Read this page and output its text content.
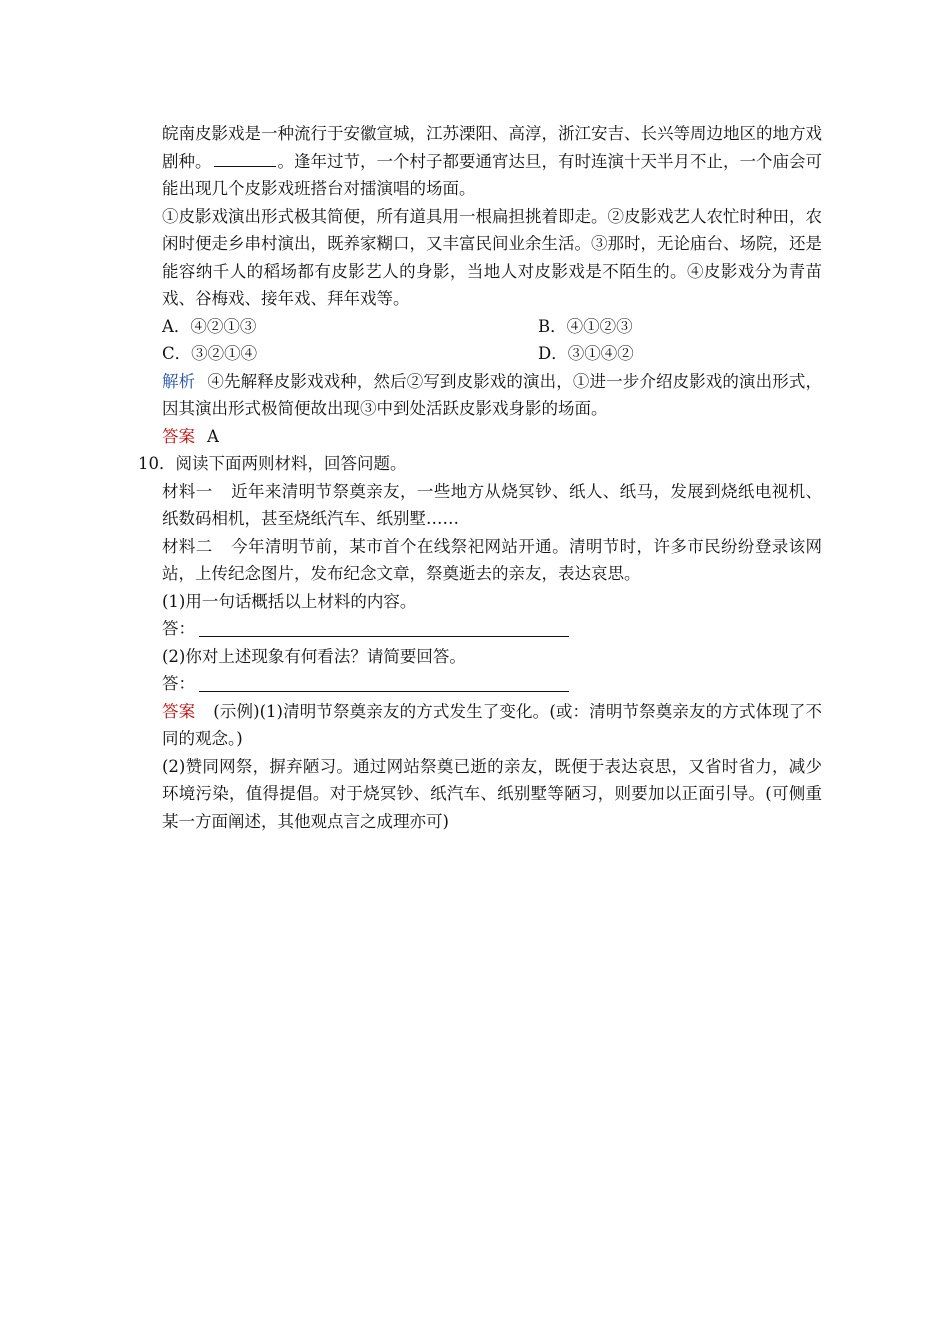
皖南皮影戏是一种流行于安徽宣城，江苏溧阳、高淳，浙江安吉、长兴等周边地区的地方戏剧种。	。逢年过节，一个村子都要通宵达旦，有时连演十天半月不止，一个庙会可能出现几个皮影戏班搭台对擂演唱的场面。

①皮影戏演出形式极其简便，所有道具用一根扁担挑着即走。②皮影戏艺人农忙时种田，农闲时便走乡串村演出，既养家糊口，又丰富民间业余生活。③那时，无论庙台、场院，还是能容纳千人的稻场都有皮影艺人的身影，当地人对皮影戏是不陌生的。④皮影戏分为青苗戏、谷梅戏、接年戏、拜年戏等。

A．④②①③	B．④①②③
C．③②①④	D．③①④②

解析 ④先解释皮影戏戏种，然后②写到皮影戏的演出，①进一步介绍皮影戏的演出形式，因其演出形式极简便故出现③中到处活跃皮影戏身影的场面。

答案 A

10．阅读下面两则材料，回答问题。

材料一 近年来清明节祭奠亲友，一些地方从烧冥钞、纸人、纸马，发展到烧纸电视机、纸数码相机，甚至烧纸汽车、纸别墅……

材料二 今年清明节前，某市首个在线祭祀网站开通。清明节时，许多市民纷纷登录该网站，上传纪念图片，发布纪念文章，祭奠逝去的亲友，表达哀思。

(1)用一句话概括以上材料的内容。

答：

(2)你对上述现象有何看法？请简要回答。

答：

答案 (示例)(1)清明节祭奠亲友的方式发生了变化。(或：清明节祭奠亲友的方式体现了不同的观念。)

(2)赞同网祭，摒弃陋习。通过网站祭奠已逝的亲友，既便于表达哀思，又省时省力，减少环境污染，值得提倡。对于烧冥钞、纸汽车、纸别墅等陋习，则要加以正面引导。(可侧重某一方面阐述，其他观点言之成理亦可)
